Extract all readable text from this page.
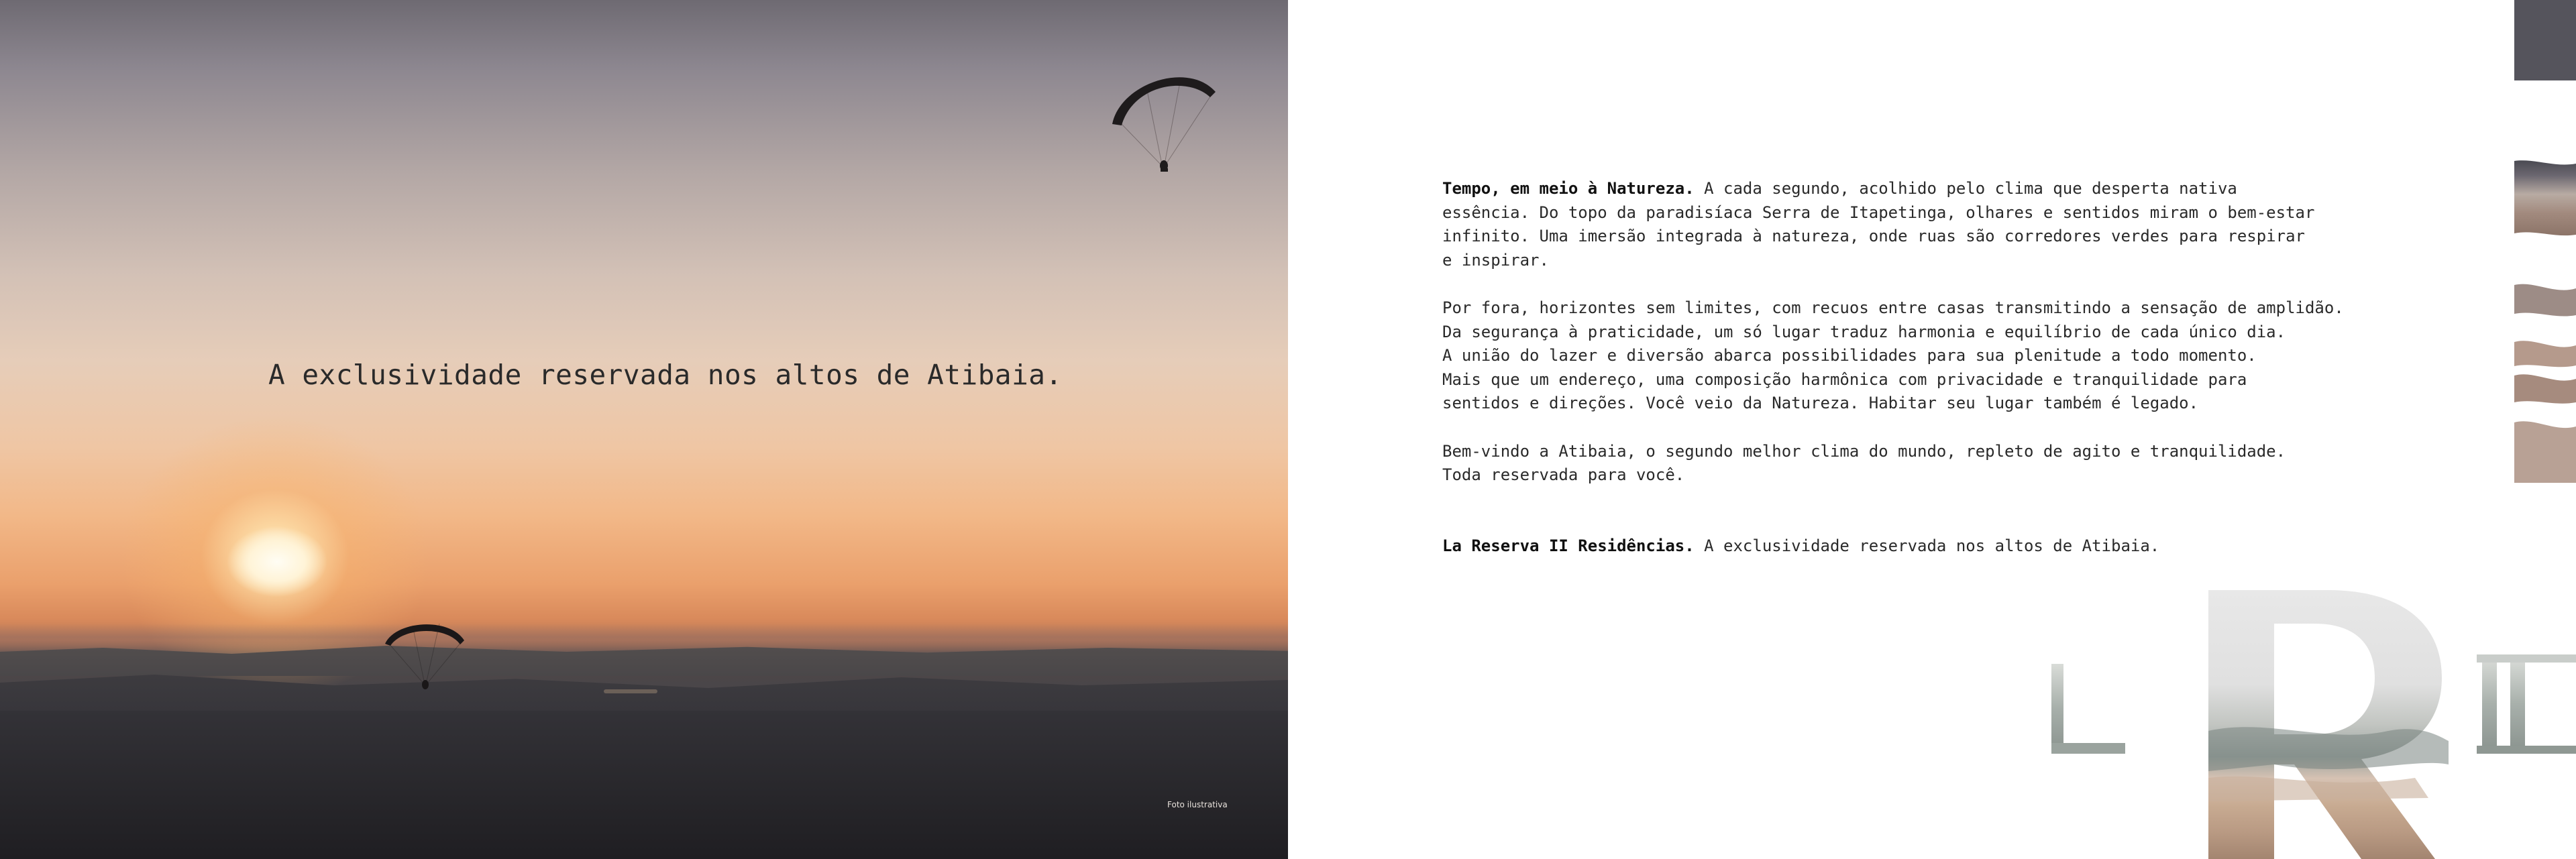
A exclusividade reservada nos altos de Atibaia.
Foto ilustrativa

Tempo, em meio à Natureza. A cada segundo, acolhido pelo clima que desperta nativa
essência. Do topo da paradisíaca Serra de Itapetinga, olhares e sentidos miram o bem-estar
infinito. Uma imersão integrada à natureza, onde ruas são corredores verdes para respirar
e inspirar.

Por fora, horizontes sem limites, com recuos entre casas transmitindo a sensação de amplidão.
Da segurança à praticidade, um só lugar traduz harmonia e equilíbrio de cada único dia.
A união do lazer e diversão abarca possibilidades para sua plenitude a todo momento.
Mais que um endereço, uma composição harmônica com privacidade e tranquilidade para
sentidos e direções. Você veio da Natureza. Habitar seu lugar também é legado.

Bem-vindo a Atibaia, o segundo melhor clima do mundo, repleto de agito e tranquilidade.
Toda reservada para você.

La Reserva II Residências. A exclusividade reservada nos altos de Atibaia.
